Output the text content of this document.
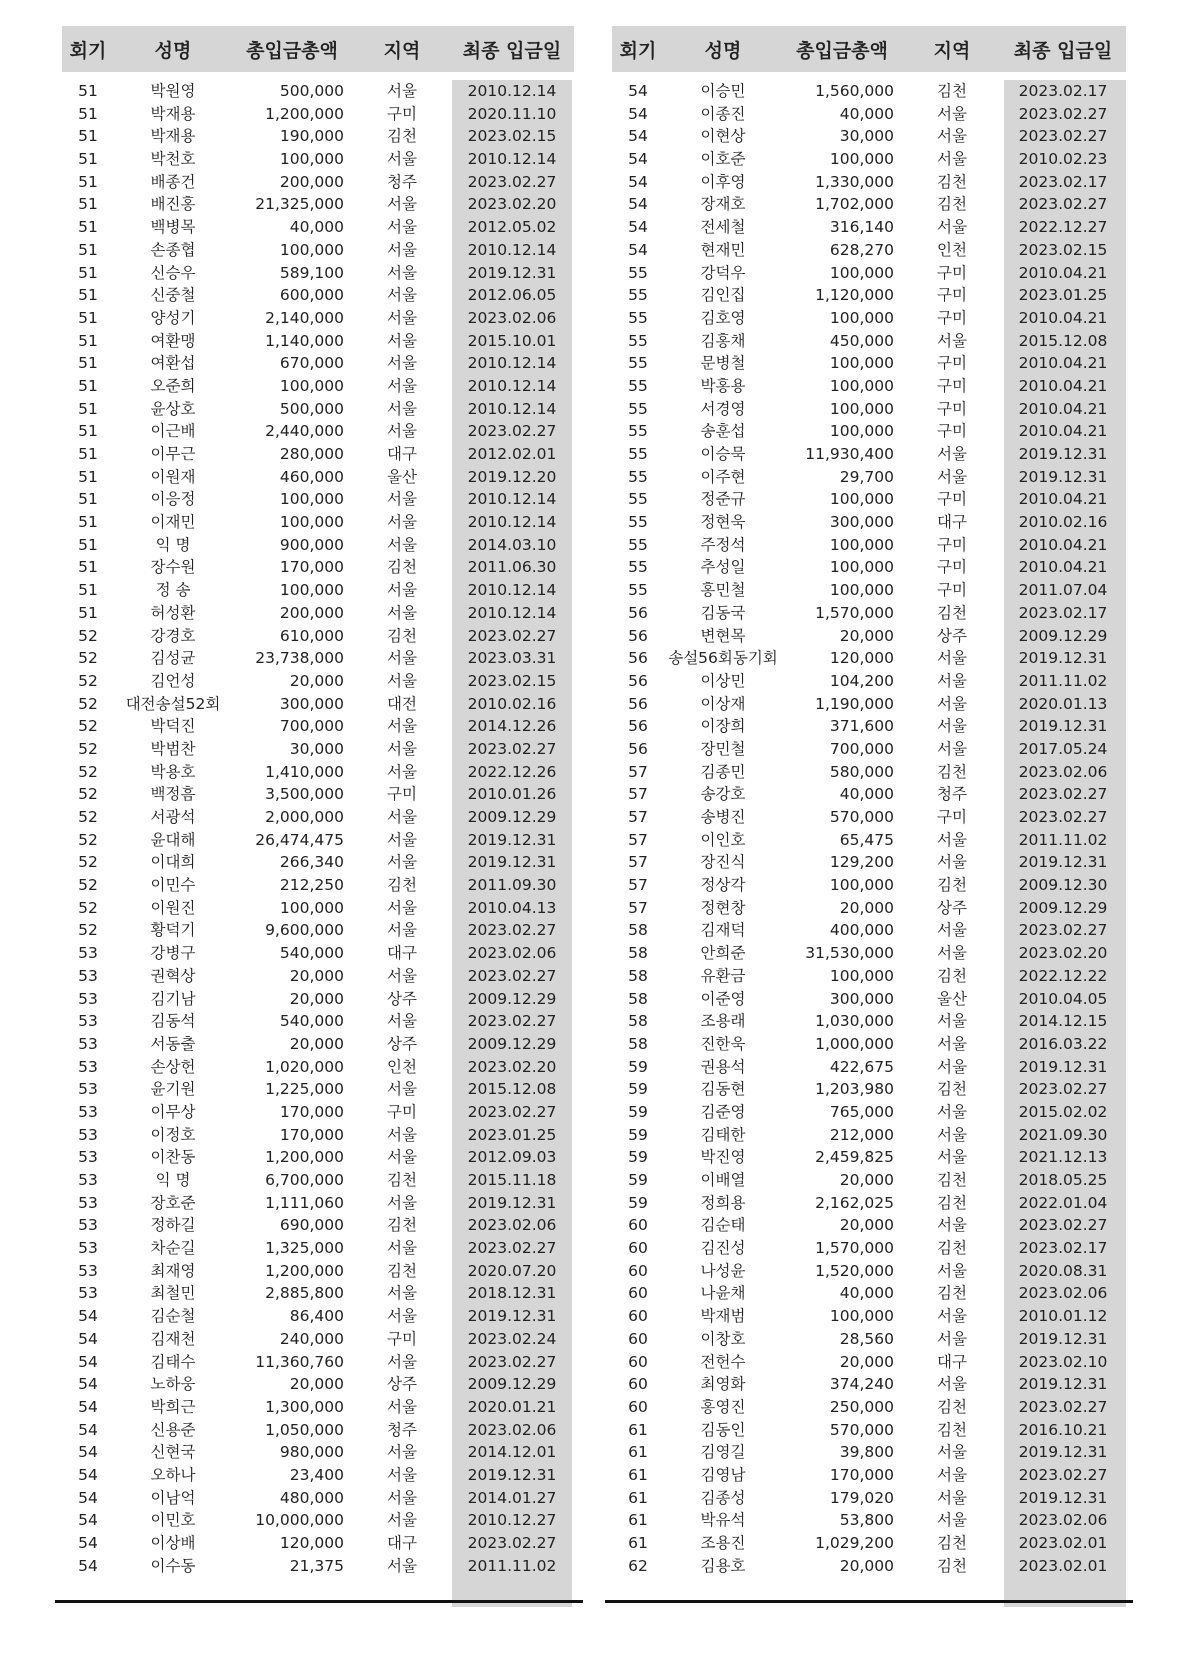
회기	성명	총입금총액	지역	최종 입금일
51	박원영	500,000	서울	2010.12.14
51	박재용	1,200,000	구미	2020.11.10
51	박재용	190,000	김천	2023.02.15
51	박천호	100,000	서울	2010.12.14
51	배종건	200,000	청주	2023.02.27
51	배진홍	21,325,000	서울	2023.02.20
51	백병목	40,000	서울	2012.05.02
51	손종협	100,000	서울	2010.12.14
51	신승우	589,100	서울	2019.12.31
51	신중철	600,000	서울	2012.06.05
51	양성기	2,140,000	서울	2023.02.06
51	여환맹	1,140,000	서울	2015.10.01
51	여환섭	670,000	서울	2010.12.14
51	오준희	100,000	서울	2010.12.14
51	윤상호	500,000	서울	2010.12.14
51	이근배	2,440,000	서울	2023.02.27
51	이무근	280,000	대구	2012.02.01
51	이원재	460,000	울산	2019.12.20
51	이응정	100,000	서울	2010.12.14
51	이재민	100,000	서울	2010.12.14
51	익 명	900,000	서울	2014.03.10
51	장수원	170,000	김천	2011.06.30
51	정 송	100,000	서울	2010.12.14
51	허성환	200,000	서울	2010.12.14
52	강경호	610,000	김천	2023.02.27
52	김성균	23,738,000	서울	2023.03.31
52	김언성	20,000	서울	2023.02.15
52	대전송설52회	300,000	대전	2010.02.16
52	박덕진	700,000	서울	2014.12.26
52	박범찬	30,000	서울	2023.02.27
52	박용호	1,410,000	서울	2022.12.26
52	백정흠	3,500,000	구미	2010.01.26
52	서광석	2,000,000	서울	2009.12.29
52	윤대해	26,474,475	서울	2019.12.31
52	이대희	266,340	서울	2019.12.31
52	이민수	212,250	김천	2011.09.30
52	이원진	100,000	서울	2010.04.13
52	황덕기	9,600,000	서울	2023.02.27
53	강병구	540,000	대구	2023.02.06
53	권혁상	20,000	서울	2023.02.27
53	김기남	20,000	상주	2009.12.29
53	김동석	540,000	서울	2023.02.27
53	서동출	20,000	상주	2009.12.29
53	손상헌	1,020,000	인천	2023.02.20
53	윤기원	1,225,000	서울	2015.12.08
53	이무상	170,000	구미	2023.02.27
53	이정호	170,000	서울	2023.01.25
53	이찬동	1,200,000	서울	2012.09.03
53	익 명	6,700,000	김천	2015.11.18
53	장호준	1,111,060	서울	2019.12.31
53	정하길	690,000	김천	2023.02.06
53	차순길	1,325,000	서울	2023.02.27
53	최재영	1,200,000	김천	2020.07.20
53	최철민	2,885,800	서울	2018.12.31
54	김순철	86,400	서울	2019.12.31
54	김재천	240,000	구미	2023.02.24
54	김태수	11,360,760	서울	2023.02.27
54	노하웅	20,000	상주	2009.12.29
54	박희근	1,300,000	서울	2020.01.21
54	신용준	1,050,000	청주	2023.02.06
54	신현국	980,000	서울	2014.12.01
54	오하나	23,400	서울	2019.12.31
54	이남억	480,000	서울	2014.01.27
54	이민호	10,000,000	서울	2010.12.27
54	이상배	120,000	대구	2023.02.27
54	이수동	21,375	서울	2011.11.02
회기	성명	총입금총액	지역	최종 입금일
54	이승민	1,560,000	김천	2023.02.17
54	이종진	40,000	서울	2023.02.27
54	이현상	30,000	서울	2023.02.27
54	이호준	100,000	서울	2010.02.23
54	이후영	1,330,000	김천	2023.02.17
54	장재호	1,702,000	김천	2023.02.27
54	전세철	316,140	서울	2022.12.27
54	현재민	628,270	인천	2023.02.15
55	강덕우	100,000	구미	2010.04.21
55	김인집	1,120,000	구미	2023.01.25
55	김호영	100,000	구미	2010.04.21
55	김홍채	450,000	서울	2015.12.08
55	문병철	100,000	구미	2010.04.21
55	박홍용	100,000	구미	2010.04.21
55	서경영	100,000	구미	2010.04.21
55	송훈섭	100,000	구미	2010.04.21
55	이승묵	11,930,400	서울	2019.12.31
55	이주현	29,700	서울	2019.12.31
55	정준규	100,000	구미	2010.04.21
55	정현욱	300,000	대구	2010.02.16
55	주정석	100,000	구미	2010.04.21
55	추성일	100,000	구미	2010.04.21
55	홍민철	100,000	구미	2011.07.04
56	김동국	1,570,000	김천	2023.02.17
56	변현목	20,000	상주	2009.12.29
56	송설56회동기회	120,000	서울	2019.12.31
56	이상민	104,200	서울	2011.11.02
56	이상재	1,190,000	서울	2020.01.13
56	이장희	371,600	서울	2019.12.31
56	장민철	700,000	서울	2017.05.24
57	김종민	580,000	김천	2023.02.06
57	송강호	40,000	청주	2023.02.27
57	송병진	570,000	구미	2023.02.27
57	이인호	65,475	서울	2011.11.02
57	장진식	129,200	서울	2019.12.31
57	정상각	100,000	김천	2009.12.30
57	정현창	20,000	상주	2009.12.29
58	김재덕	400,000	서울	2023.02.27
58	안희준	31,530,000	서울	2023.02.20
58	유환금	100,000	김천	2022.12.22
58	이준영	300,000	울산	2010.04.05
58	조용래	1,030,000	서울	2014.12.15
58	진한욱	1,000,000	서울	2016.03.22
59	권용석	422,675	서울	2019.12.31
59	김동현	1,203,980	김천	2023.02.27
59	김준영	765,000	서울	2015.02.02
59	김태한	212,000	서울	2021.09.30
59	박진영	2,459,825	서울	2021.12.13
59	이배열	20,000	김천	2018.05.25
59	정희용	2,162,025	김천	2022.01.04
60	김순태	20,000	서울	2023.02.27
60	김진성	1,570,000	김천	2023.02.17
60	나성윤	1,520,000	서울	2020.08.31
60	나윤채	40,000	김천	2023.02.06
60	박재범	100,000	서울	2010.01.12
60	이창호	28,560	서울	2019.12.31
60	전헌수	20,000	대구	2023.02.10
60	최영화	374,240	서울	2019.12.31
60	홍영진	250,000	김천	2023.02.27
61	김동인	570,000	김천	2016.10.21
61	김영길	39,800	서울	2019.12.31
61	김영남	170,000	서울	2023.02.27
61	김종성	179,020	서울	2019.12.31
61	박유석	53,800	서울	2023.02.06
61	조용진	1,029,200	김천	2023.02.01
62	김용호	20,000	김천	2023.02.01
